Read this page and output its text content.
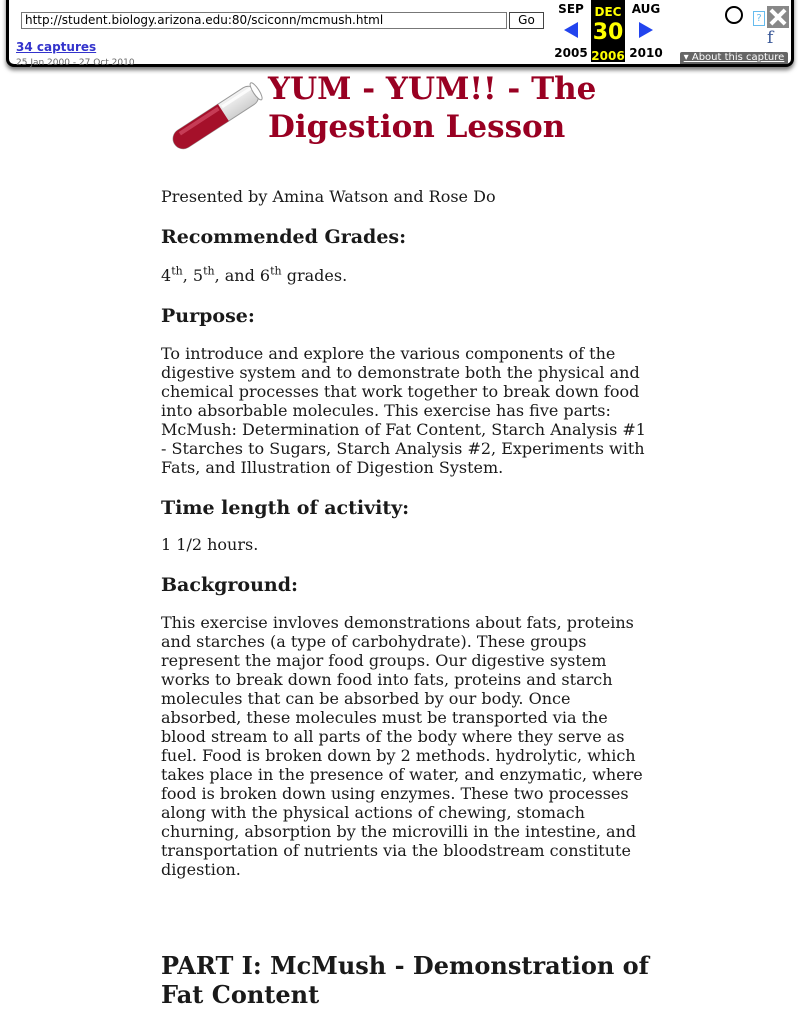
http://student.biology.arizona.edu:80/sciconn/mcmush.html	Go
34 captures
25 Jan 2000 - 27 Oct 2010
SEP
2005
DEC
30
2006
AUG
2010
?
f
▾ About this capture
YUM - YUM!! - The
Digestion Lesson

Presented by Amina Watson and Rose Do

Recommended Grades:

4th, 5th, and 6th grades.

Purpose:

To introduce and explore the various components of the digestive system and to demonstrate both the physical and chemical processes that work together to break down food into absorbable molecules. This exercise has five parts: McMush: Determination of Fat Content, Starch Analysis #1 - Starches to Sugars, Starch Analysis #2, Experiments with Fats, and Illustration of Digestion System.

Time length of activity:

1 1/2 hours.

Background:

This exercise invloves demonstrations about fats, proteins and starches (a type of carbohydrate). These groups represent the major food groups. Our digestive system works to break down food into fats, proteins and starch molecules that can be absorbed by our body. Once absorbed, these molecules must be transported via the blood stream to all parts of the body where they serve as fuel. Food is broken down by 2 methods. hydrolytic, which takes place in the presence of water, and enzymatic, where food is broken down using enzymes. These two processes along with the physical actions of chewing, stomach churning, absorption by the microvilli in the intestine, and transportation of nutrients via the bloodstream constitute digestion.

PART I: McMush - Demonstration of Fat Content
